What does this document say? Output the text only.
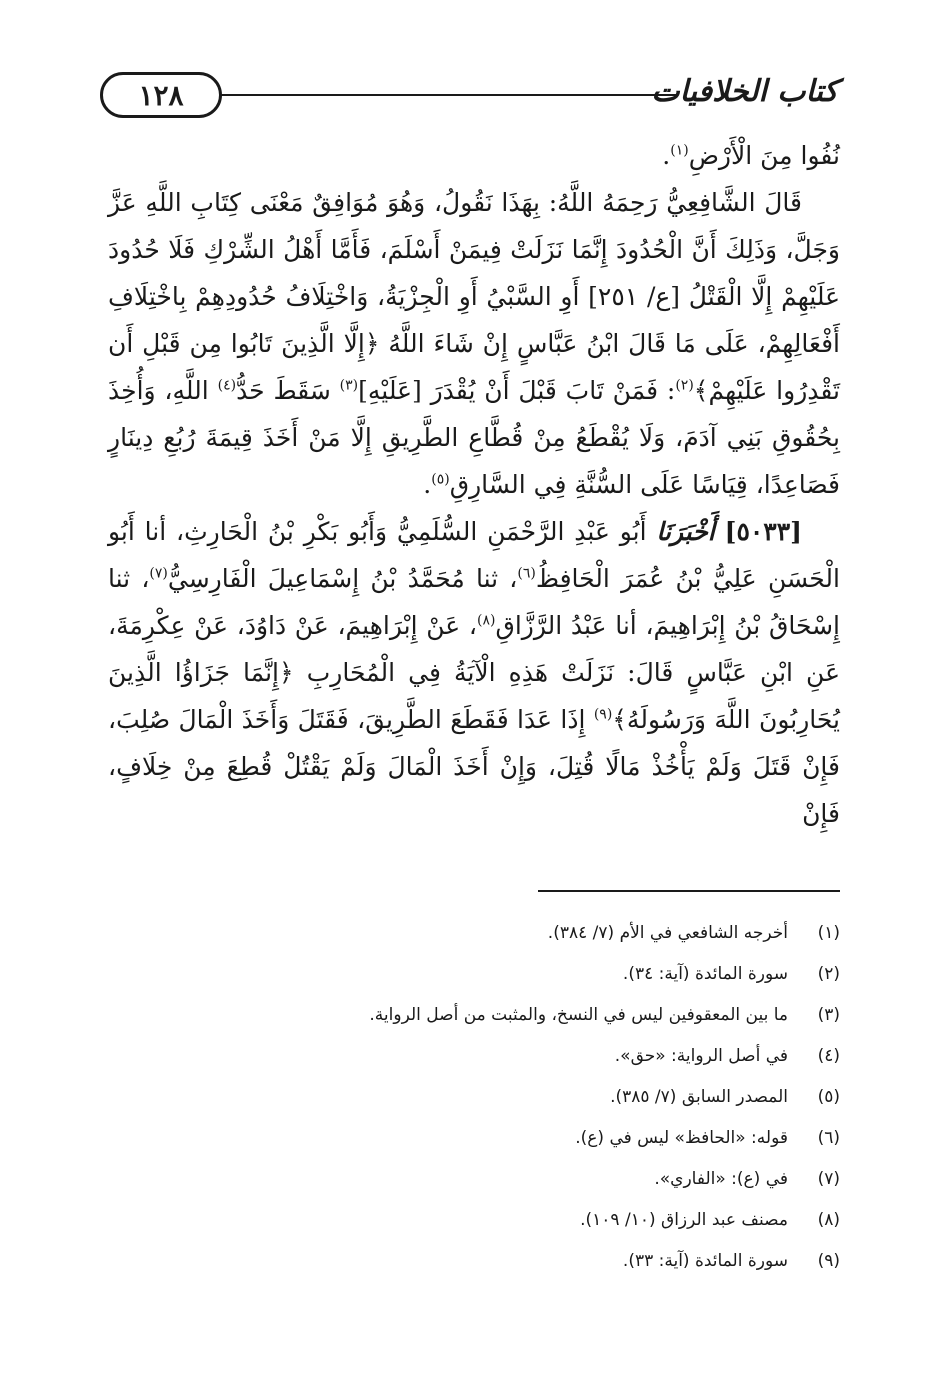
١٢٨	كتاب الخلافيات

نُفُوا مِنَ الْأَرْضِ$^{(١)}$.

قَالَ الشَّافِعِيُّ رَحِمَهُ اللَّهُ: بِهَذَا نَقُولُ، وَهُوَ مُوَافِقٌ مَعْنَى كِتَابِ اللَّهِ عَزَّ وَجَلَّ، وَذَلِكَ أَنَّ الْحُدُودَ إِنَّمَا نَزَلَتْ فِيمَنْ أَسْلَمَ، فَأَمَّا أَهْلُ الشِّرْكِ فَلَا حُدُودَ عَلَيْهِمْ إِلَّا الْقَتْلُ [ع/ ٢٥١] أَوِ السَّبْيُ أَوِ الْجِزْيَةُ، وَاخْتِلَافُ حُدُودِهِمْ بِاخْتِلَافِ أَفْعَالِهِمْ، عَلَى مَا قَالَ ابْنُ عَبَّاسٍ إِنْ شَاءَ اللَّهُ ﴿إِلَّا الَّذِينَ تَابُوا مِن قَبْلِ أَن تَقْدِرُوا عَلَيْهِمْ﴾$^{(٢)}$: فَمَنْ تَابَ قَبْلَ أَنْ يُقْدَرَ [عَلَيْهِ]$^{(٣)}$ سَقَطَ حَدُّ$^{(٤)}$ اللَّهِ، وَأُخِذَ بِحُقُوقِ بَنِي آدَمَ، وَلَا يُقْطَعُ مِنْ قُطَّاعِ الطَّرِيقِ إِلَّا مَنْ أَخَذَ قِيمَةَ رُبُعِ دِينَارٍ فَصَاعِدًا، قِيَاسًا عَلَى السُّنَّةِ فِي السَّارِقِ$^{(٥)}$.

[٥٠٣٣] أَخْبَرَنَا أَبُو عَبْدِ الرَّحْمَنِ السُّلَمِيُّ وَأَبُو بَكْرِ بْنُ الْحَارِثِ، أنا أَبُو الْحَسَنِ عَلِيُّ بْنُ عُمَرَ الْحَافِظُ$^{(٦)}$، ثنا مُحَمَّدُ بْنُ إِسْمَاعِيلَ الْفَارِسِيُّ$^{(٧)}$، ثنا إِسْحَاقُ بْنُ إِبْرَاهِيمَ، أنا عَبْدُ الرَّزَّاقِ$^{(٨)}$، عَنْ إِبْرَاهِيمَ، عَنْ دَاوُدَ، عَنْ عِكْرِمَةَ، عَنِ ابْنِ عَبَّاسٍ قَالَ: نَزَلَتْ هَذِهِ الْآيَةُ فِي الْمُحَارِبِ ﴿إِنَّمَا جَزَاؤُا الَّذِينَ يُحَارِبُونَ اللَّهَ وَرَسُولَهُ﴾$^{(٩)}$ إِذَا عَدَا فَقَطَعَ الطَّرِيقَ، فَقَتَلَ وَأَخَذَ الْمَالَ صُلِبَ، فَإِنْ قَتَلَ وَلَمْ يَأْخُذْ مَالًا قُتِلَ، وَإِنْ أَخَذَ الْمَالَ وَلَمْ يَقْتُلْ قُطِعَ مِنْ خِلَافٍ، فَإِنْ

(١)
أخرجه الشافعي في الأم (٧/ ٣٨٤).
(٢)
سورة المائدة (آية: ٣٤).
(٣)
ما بين المعقوفين ليس في النسخ، والمثبت من أصل الرواية.
(٤)
في أصل الرواية: «حق».
(٥)
المصدر السابق (٧/ ٣٨٥).
(٦)
قوله: «الحافظ» ليس في (ع).
(٧)
في (ع): «الفاري».
(٨)
مصنف عبد الرزاق (١٠/ ١٠٩).
(٩)
سورة المائدة (آية: ٣٣).
